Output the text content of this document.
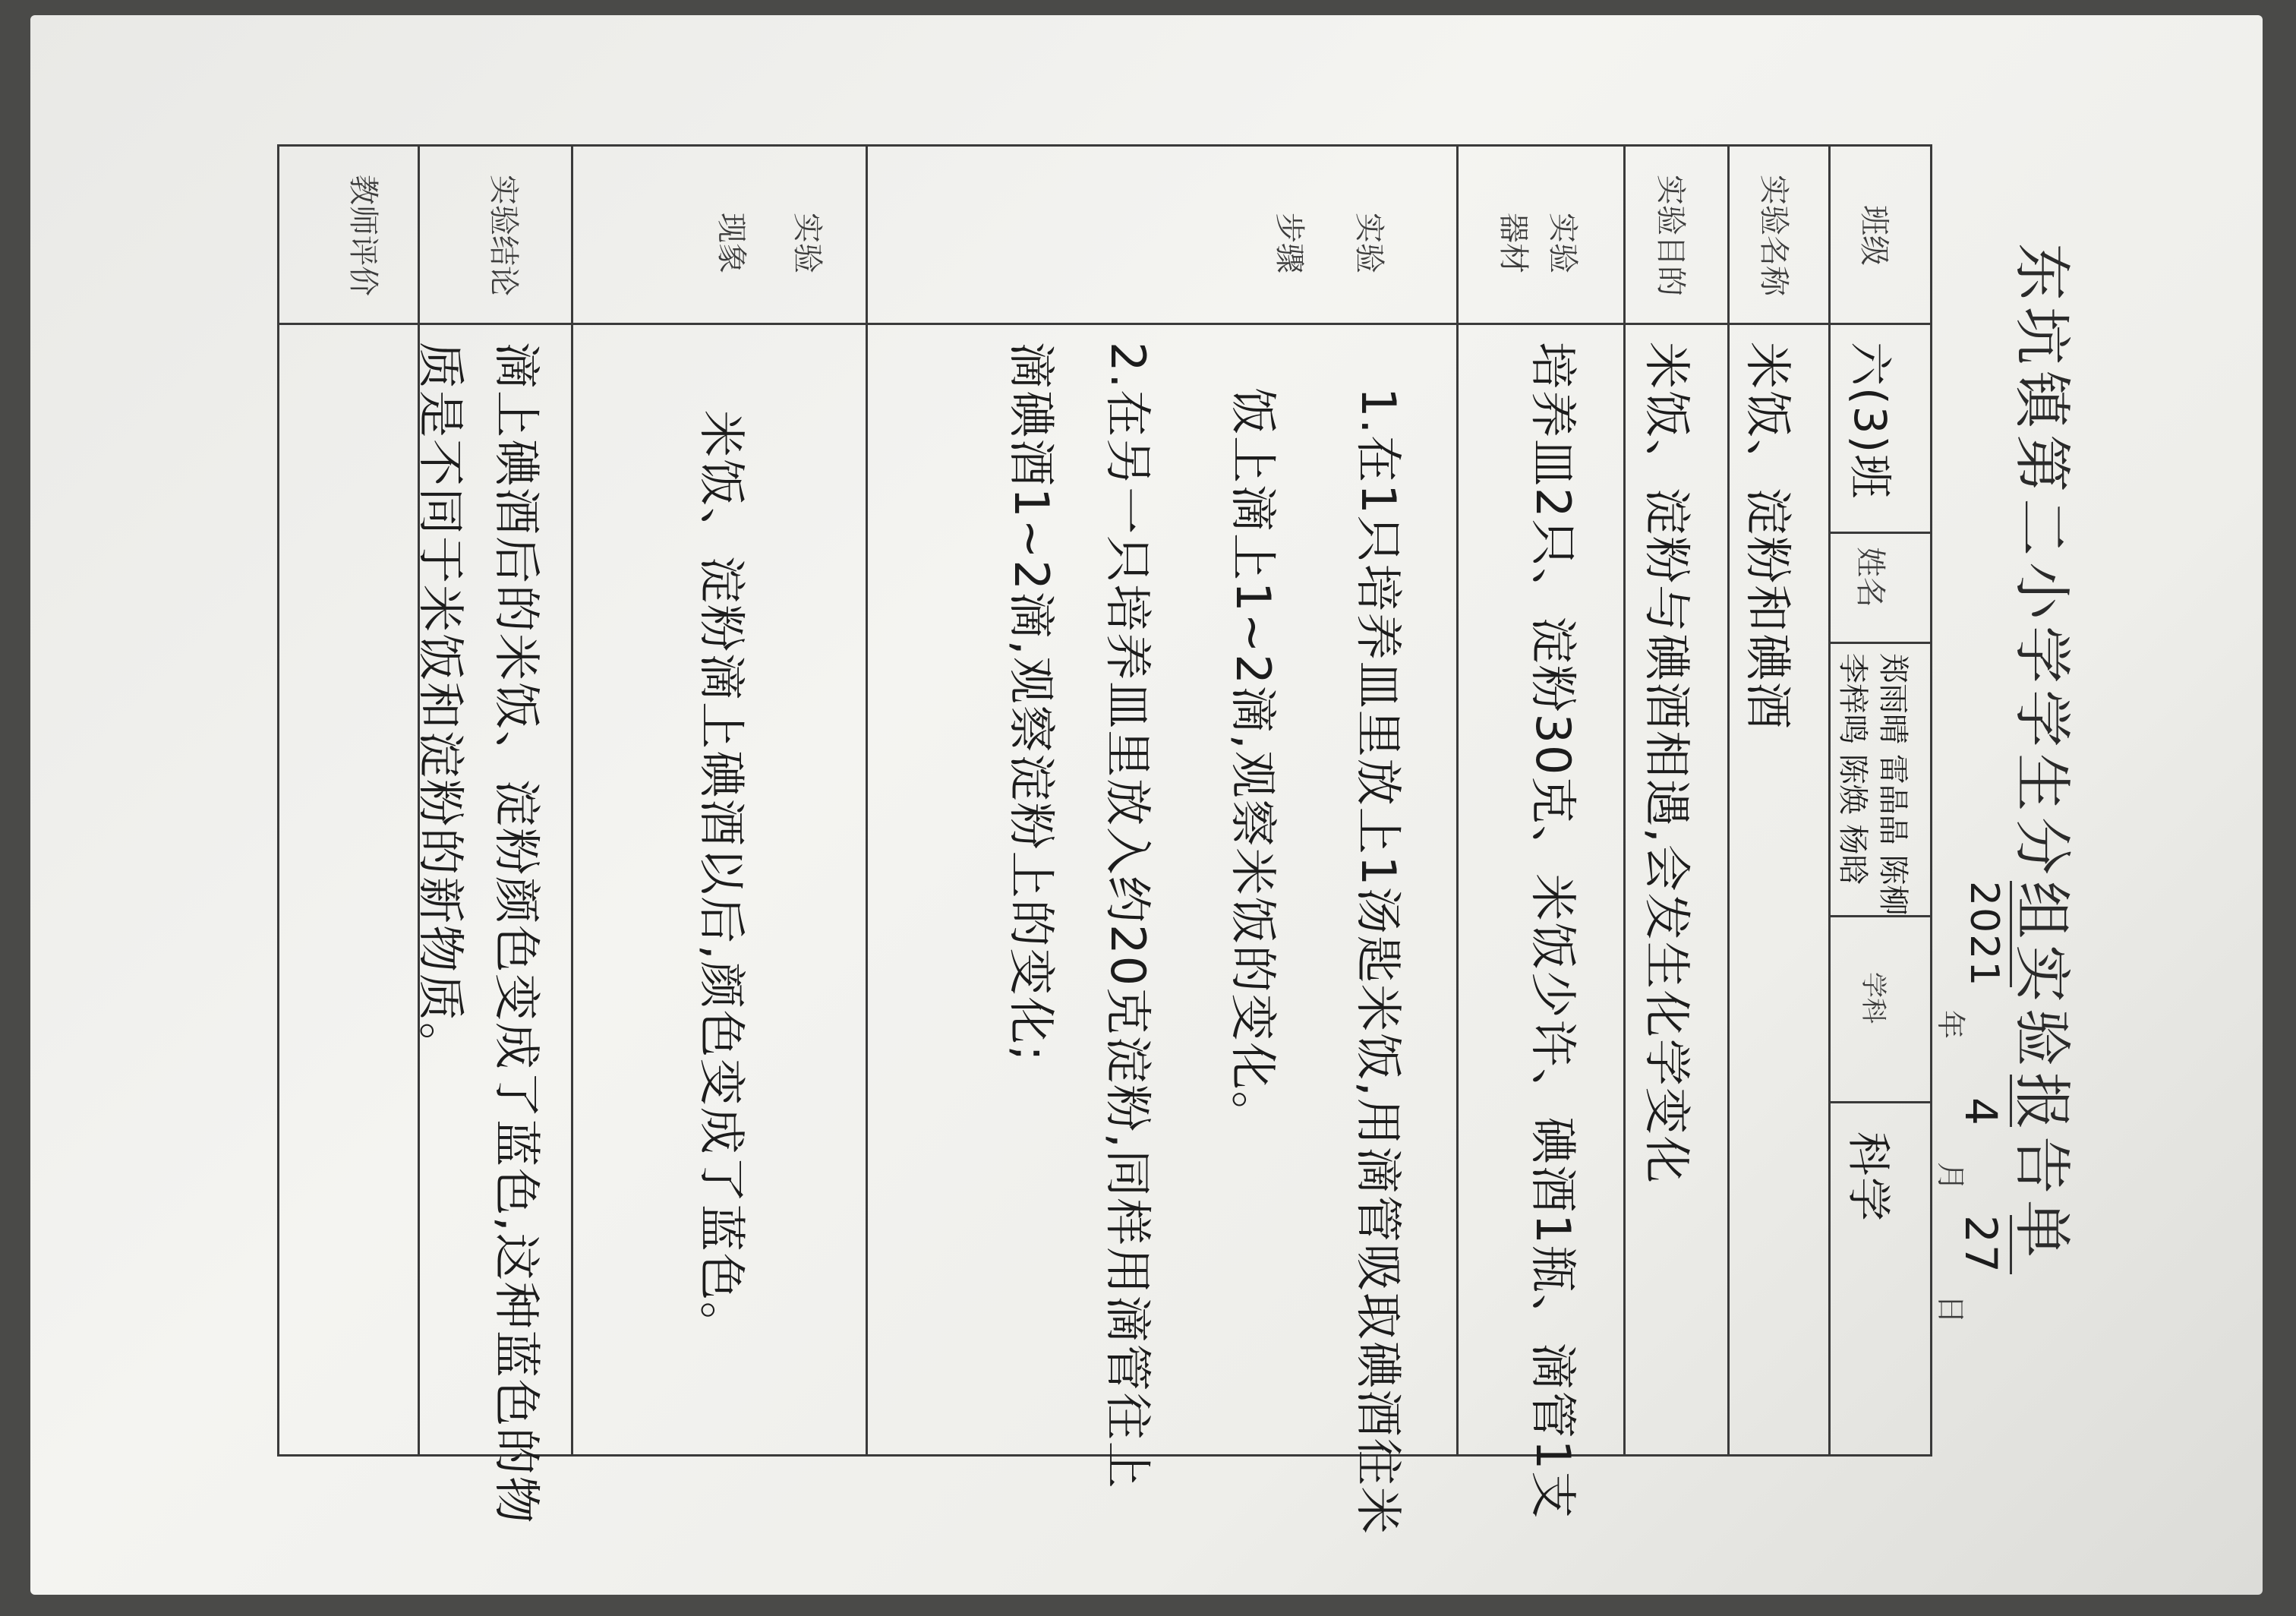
东坑镇第二小学学生分组实验报告单
2021
年
4
月
27
日
班级
六(3)班
姓名
郑雨晴 雷晶晶 陈柳
李梓鸣 陈焕 杨晗
学科
科学
实验名称
米饭、淀粉和碘酒
实验目的
米饭、淀粉与碘酒相遇,会发生化学变化
实验
器材
培养皿2只、淀粉30克、米饭少许、碘酒1瓶、滴管1支
实验
步骤
1.在1只培养皿里放上1汤匙米饭,用滴管吸取碘酒往米
饭上滴上1~2滴,观察米饭的变化。
2.在另一只培养皿里放入约20克淀粉,同样用滴管往上
滴碘酒1~2滴,观察淀粉上的变化;
实验
现象
米饭、淀粉滴上碘酒以后,颜色变成了蓝色。
实验结论
滴上碘酒后的米饭、淀粉颜色变成了蓝色,这种蓝色的物
质是不同于米饭和淀粉的新物质。
教师评价
